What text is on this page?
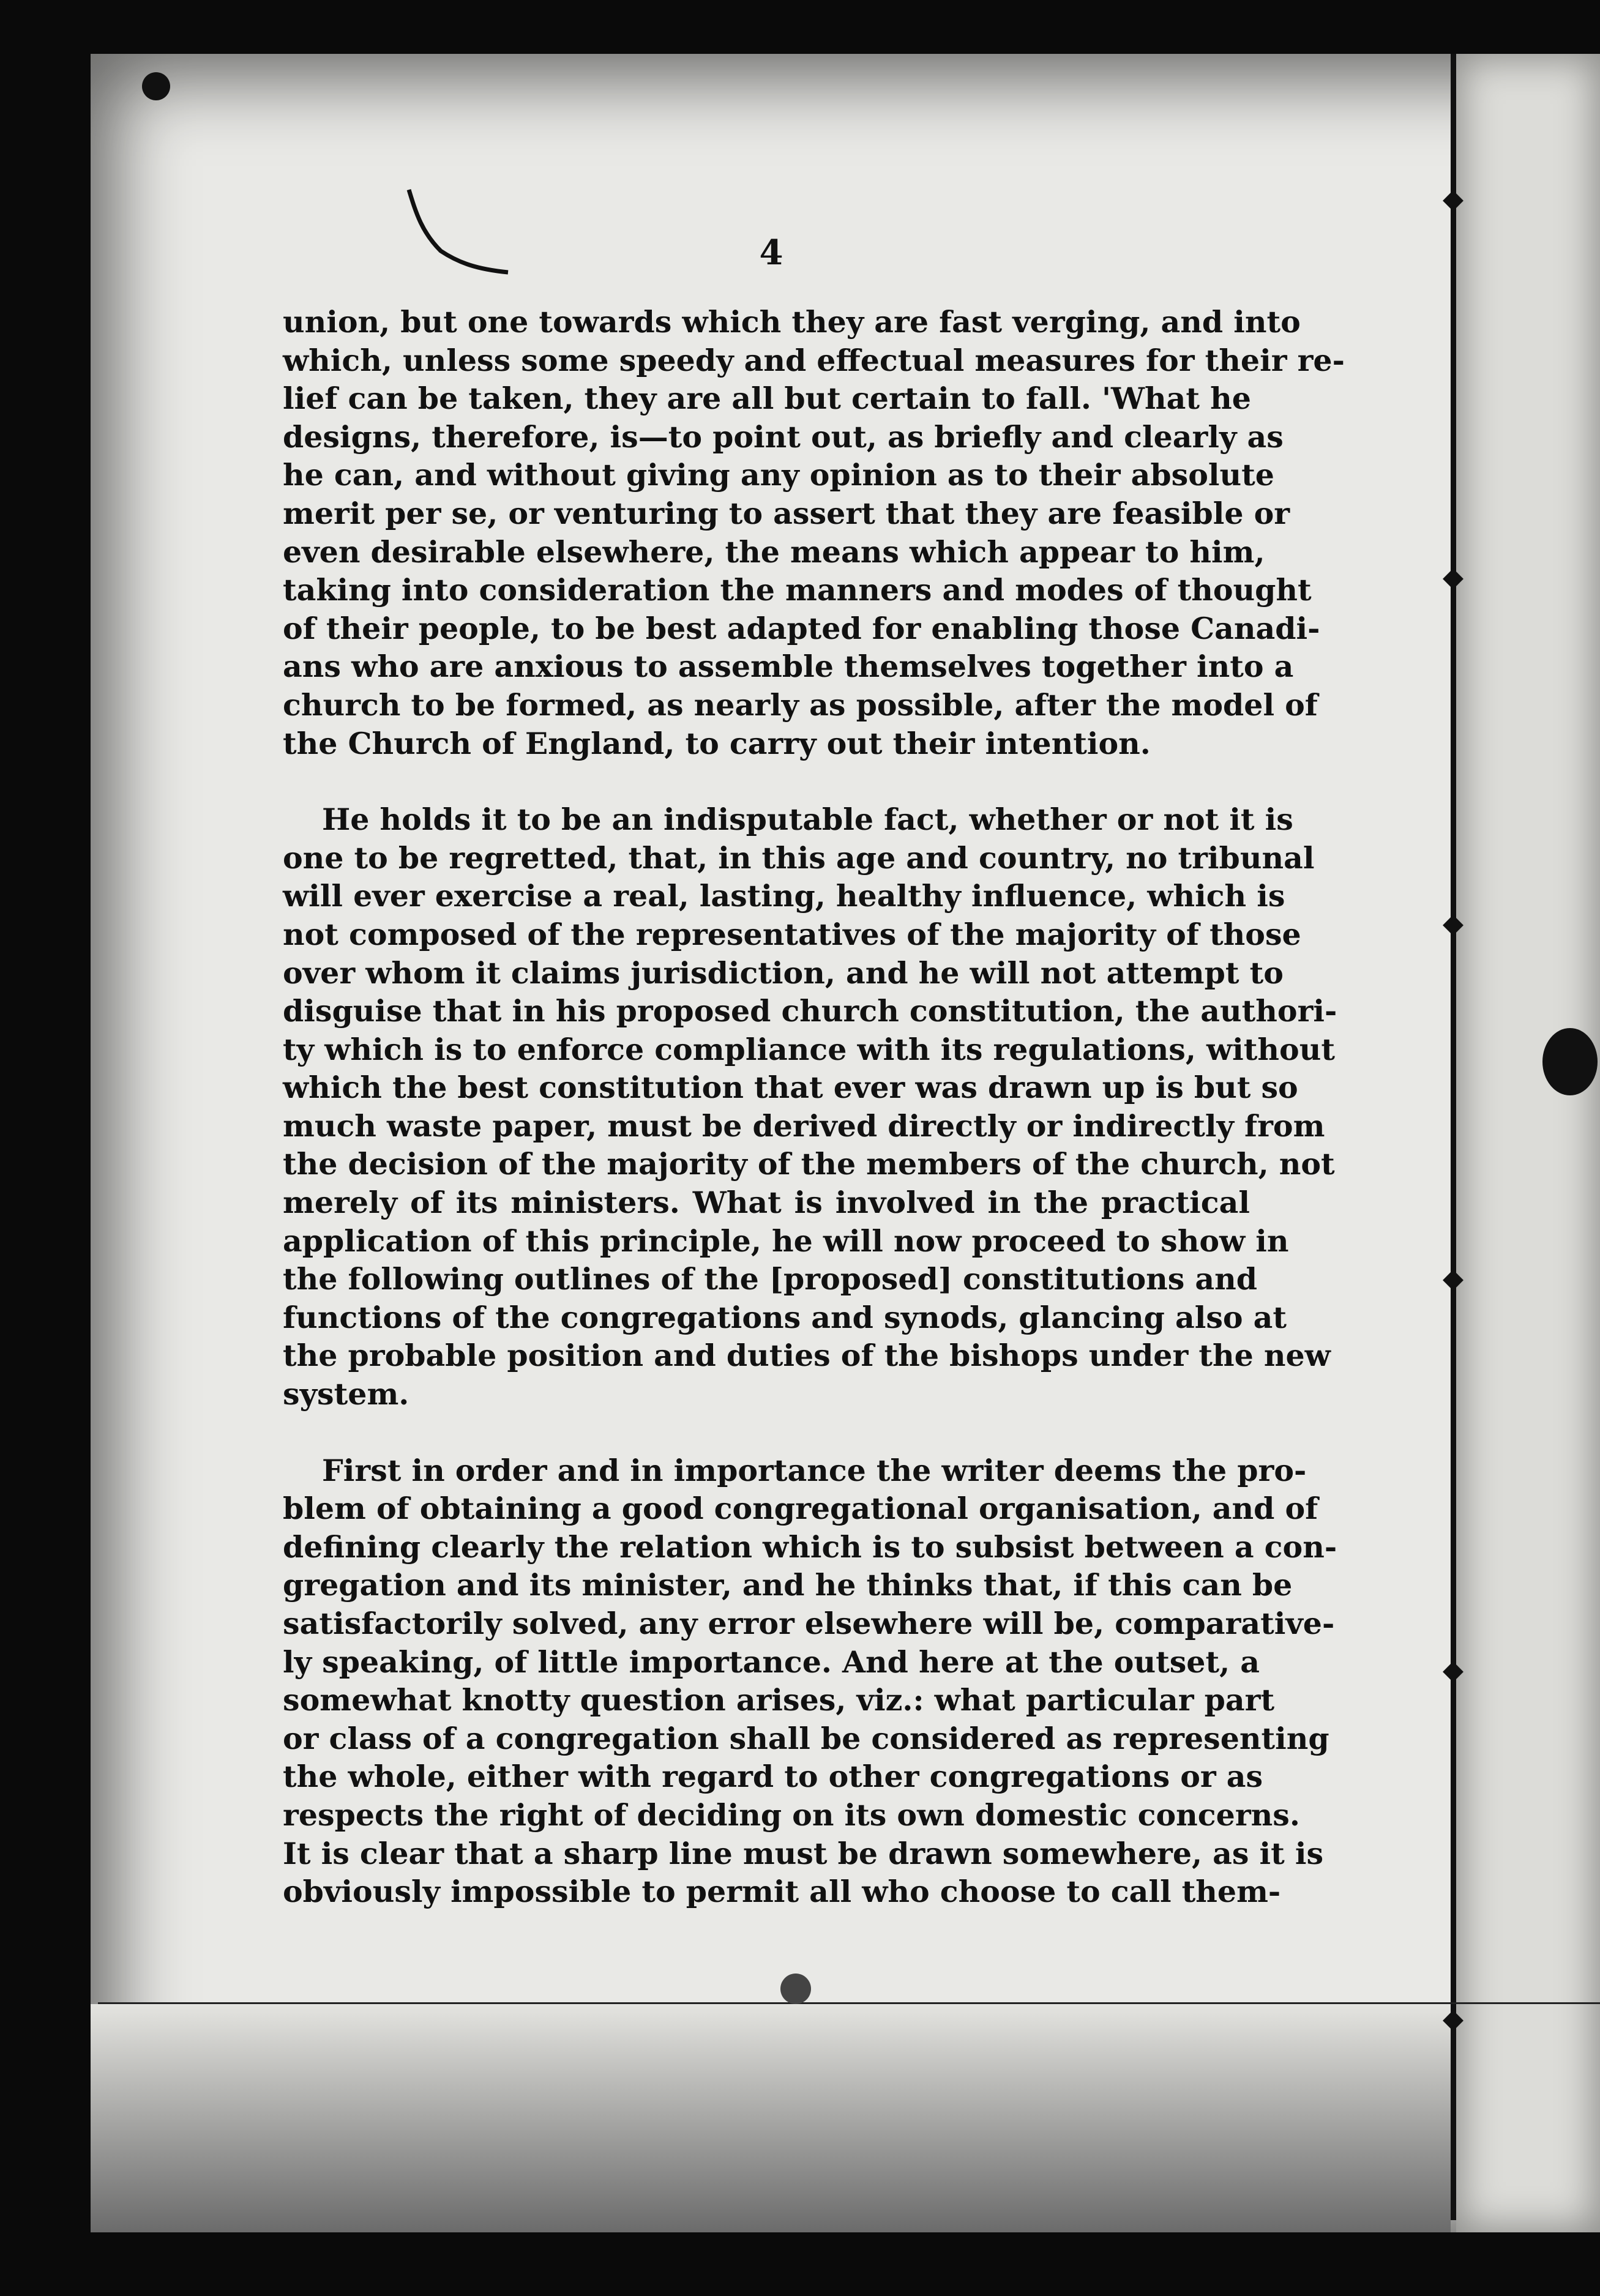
4
union, but one towards which they are fast verging, and into
which, unless some speedy and effectual measures for their re-
lief can be taken, they are all but certain to fall. 'What he
designs, therefore, is—to point out, as briefly and clearly as
he can, and without giving any opinion as to their absolute
merit per se, or venturing to assert that they are feasible or
even desirable elsewhere, the means which appear to him,
taking into consideration the manners and modes of thought
of their people, to be best adapted for enabling those Canadi-
ans who are anxious to assemble themselves together into a
church to be formed, as nearly as possible, after the model of
the Church of England, to carry out their intention.
He holds it to be an indisputable fact, whether or not it is
one to be regretted, that, in this age and country, no tribunal
will ever exercise a real, lasting, healthy influence, which is
not composed of the representatives of the majority of those
over whom it claims jurisdiction, and he will not attempt to
disguise that in his proposed church constitution, the authori-
ty which is to enforce compliance with its regulations, without
which the best constitution that ever was drawn up is but so
much waste paper, must be derived directly or indirectly from
the decision of the majority of the members of the church, not
merely of its ministers. What is involved in the practical
application of this principle, he will now proceed to show in
the following outlines of the [proposed] constitutions and
functions of the congregations and synods, glancing also at
the probable position and duties of the bishops under the new
system.
First in order and in importance the writer deems the pro-
blem of obtaining a good congregational organisation, and of
defining clearly the relation which is to subsist between a con-
gregation and its minister, and he thinks that, if this can be
satisfactorily solved, any error elsewhere will be, comparative-
ly speaking, of little importance. And here at the outset, a
somewhat knotty question arises, viz.: what particular part
or class of a congregation shall be considered as representing
the whole, either with regard to other congregations or as
respects the right of deciding on its own domestic concerns.
It is clear that a sharp line must be drawn somewhere, as it is
obviously impossible to permit all who choose to call them-
